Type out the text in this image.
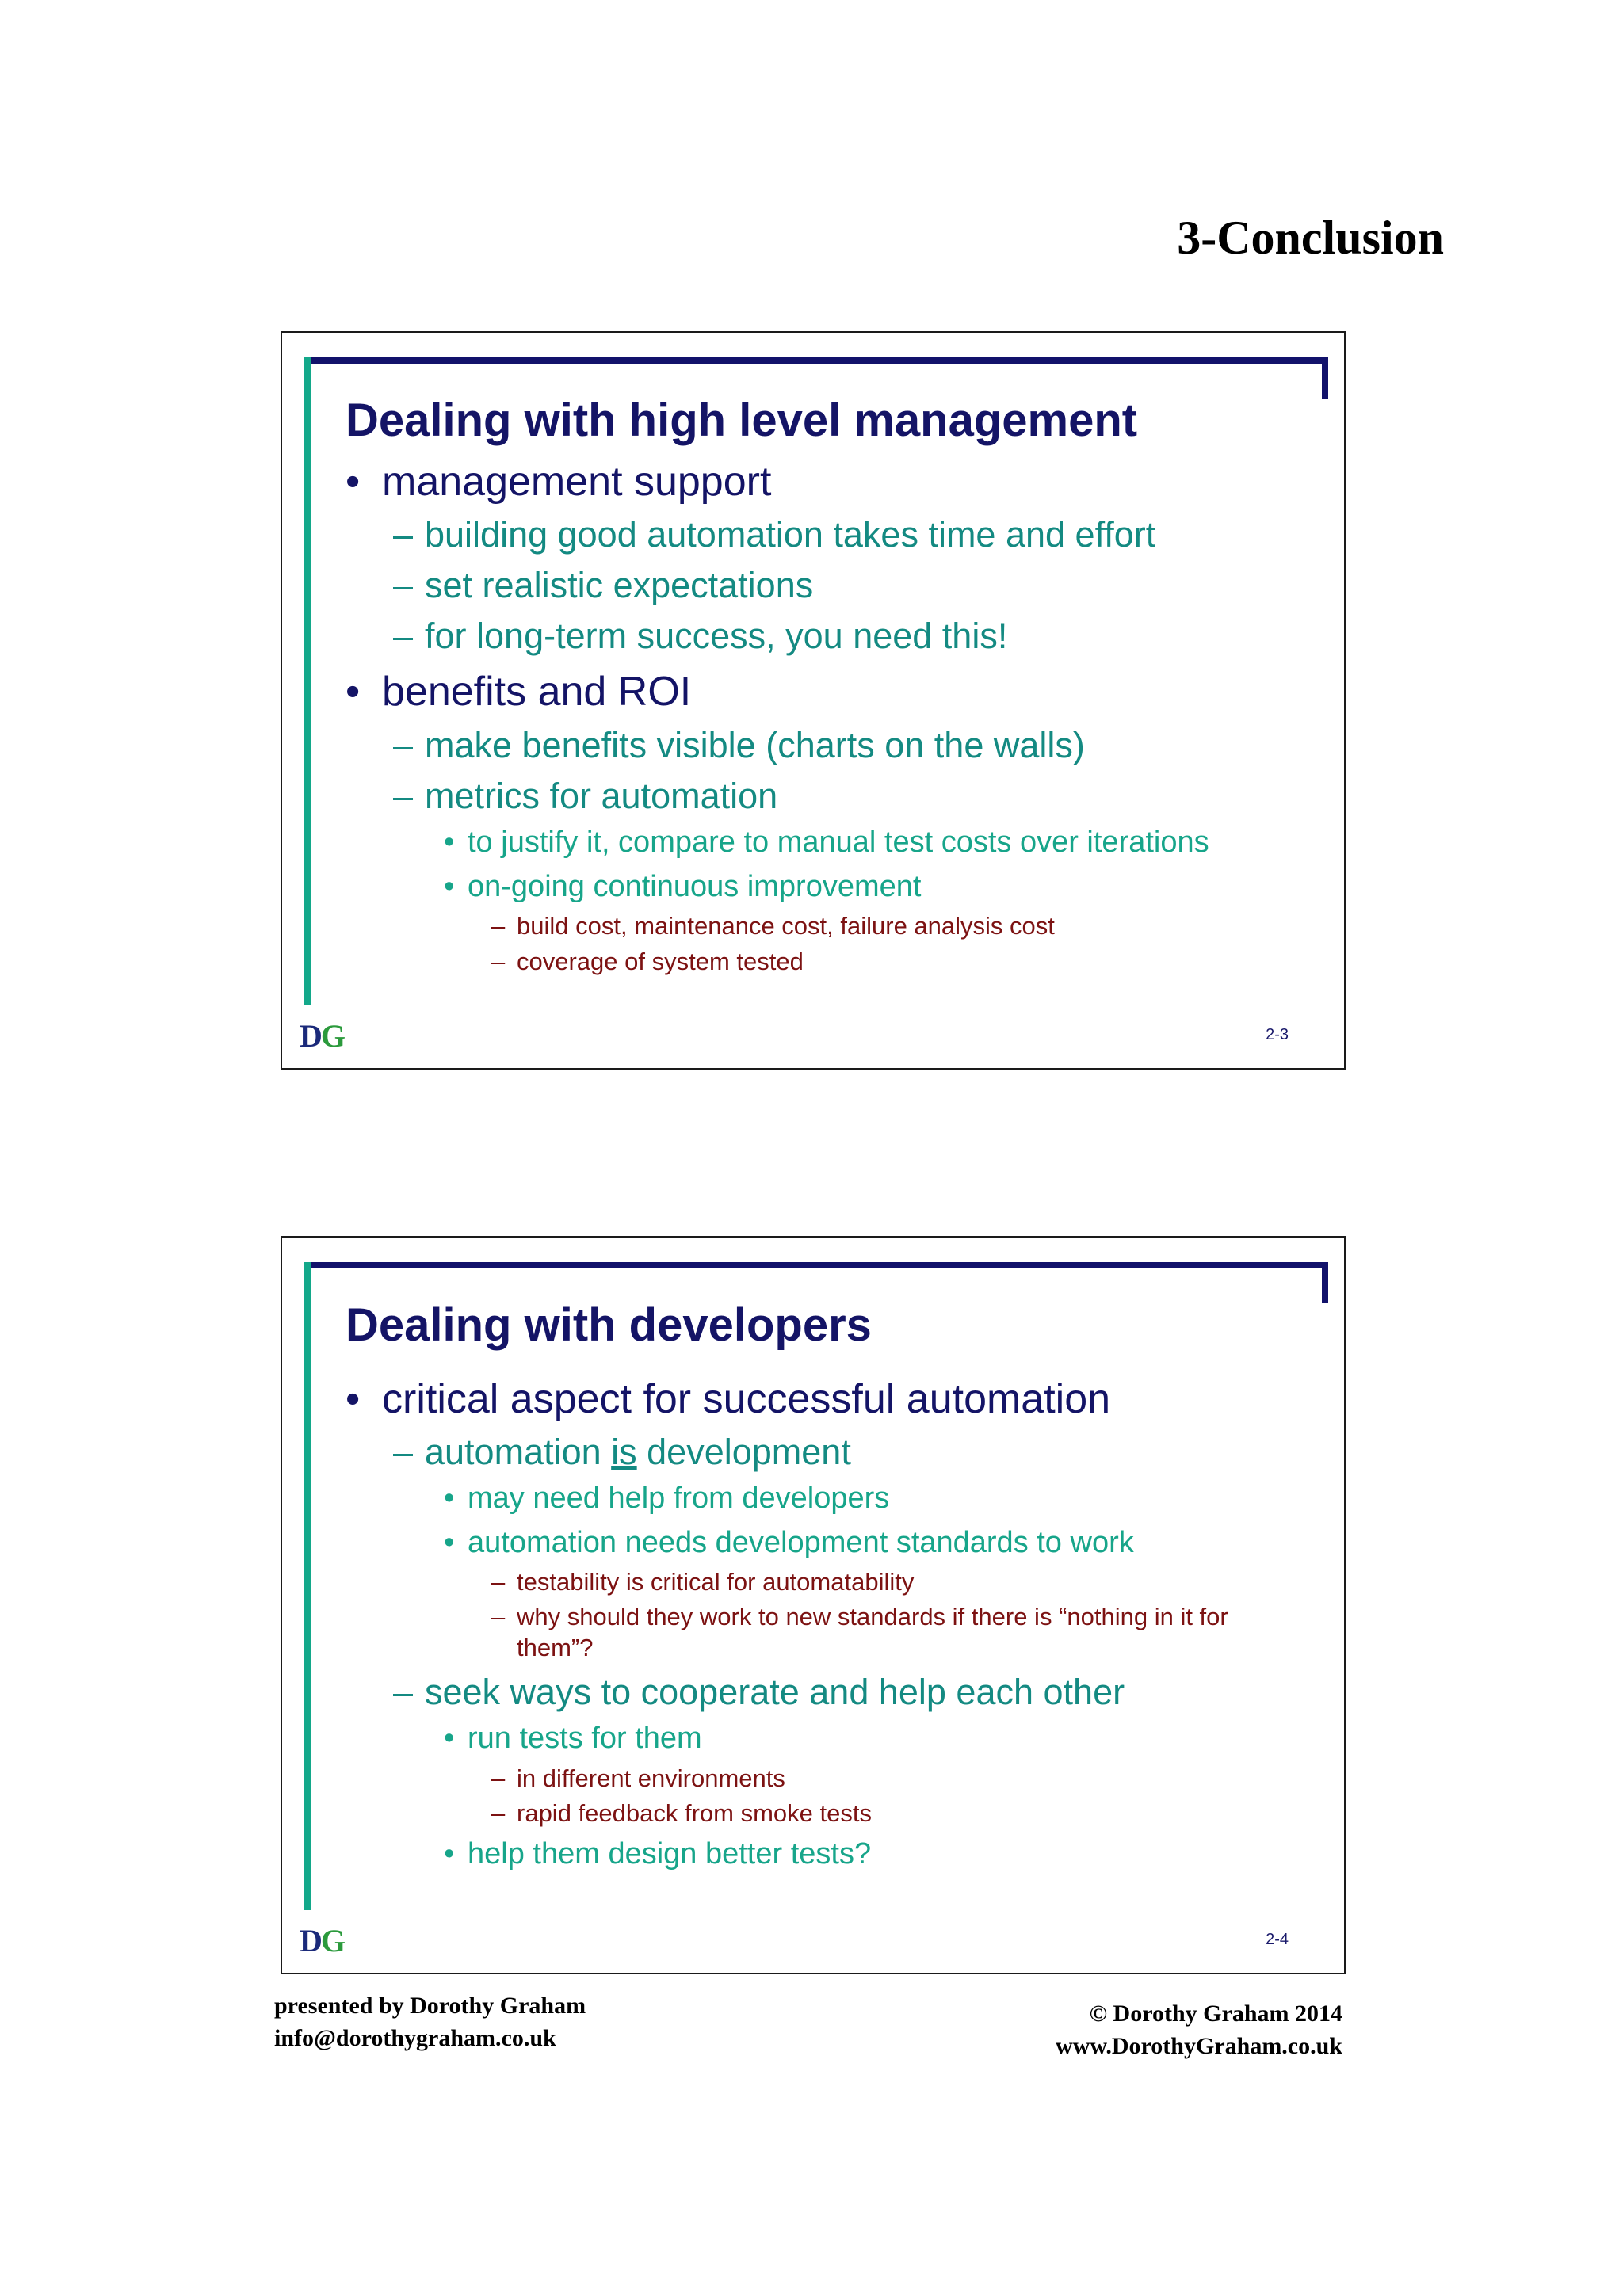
3-Conclusion
Dealing with high level management
• management support
– building good automation takes time and effort
– set realistic expectations
– for long-term success, you need this!
• benefits and ROI
– make benefits visible (charts on the walls)
– metrics for automation
• to justify it, compare to manual test costs over iterations
• on-going continuous improvement
– build cost, maintenance cost, failure analysis cost
– coverage of system tested
DG	2-3
Dealing with developers
• critical aspect for successful automation
– automation is development
• may need help from developers
• automation needs development standards to work
– testability is critical for automatability
– why should they work to new standards if there is “nothing in it for them”?
– seek ways to cooperate and help each other
• run tests for them
– in different environments
– rapid feedback from smoke tests
• help them design better tests?
DG	2-4
presented by Dorothy Graham
info@dorothygraham.co.uk
© Dorothy Graham 2014
www.DorothyGraham.co.uk
